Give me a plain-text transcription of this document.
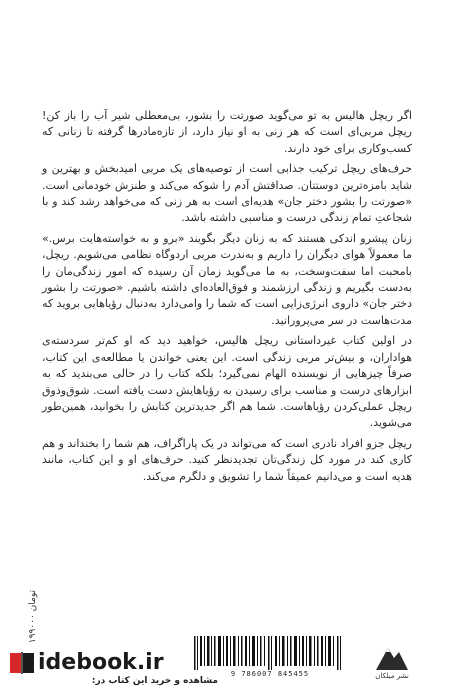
اگر ریچل هالیس به تو می‌گوید صورتت را بشور، بی‌معطلی شیر آب را باز کن! ریچل مربی‌ای است که هر زنی به او نیاز دارد، از تازه‌مادرها گرفته تا زنانی که کسب‌وکاری برای خود دارند.

حرف‌های ریچل ترکیب جذابی است از توصیه‌های یک مربی امیدبخش و بهترین و شاید بامزه‌ترین دوستتان. صداقتش آدم را شوکه می‌کند و طنزش خودمانی است. «صورتت را بشور دختر جان» هدیه‌ای است به هر زنی که می‌خواهد رشد کند و با شجاعتِ تمام زندگی درست و مناسبی داشته باشد.

زنان پیشرو اندکی هستند که به زنان دیگر بگویند «برو و به خواسته‌هایت برس.» ما معمولاً هوای دیگران را داریم و به‌ندرت مربی اردوگاه نظامی می‌شویم. ریچل، بامحبت اما سفت‌وسخت، به ما می‌گوید زمان آن رسیده که امور زندگی‌مان را به‌دست بگیریم و زندگی ارزشمند و فوق‌العاده‌ای داشته باشیم. «صورتت را بشور دختر جان» داروی انرژی‌زایی است که شما را وامی‌دارد به‌دنبال رؤیاهایی بروید که مدت‌هاست در سر می‌پرورانید.

در اولین کتاب غیرداستانی ریچل هالیس، خواهید دید که او کم‌تر سردسته‌ی هواداران، و بیش‌تر مربی زندگی است. این یعنی خواندن یا مطالعه‌ی این کتاب، صرفاً چیزهایی از نویسنده الهام نمی‌گیرد؛ بلکه کتاب را در حالی می‌بندید که به ابزارهای درست و مناسب برای رسیدن به رؤیاهایش دست یافته است. شوق‌وذوق ریچل عملی‌کردن رؤیاهاست. شما هم اگر جدیدترین کتابش را بخوانید، همین‌طور می‌شوید.

ریچل جزو افراد نادری است که می‌تواند در یک پاراگراف، هم شما را بخنداند و هم کاری کند در مورد کل زندگی‌تان تجدیدنظر کنید. حرف‌های او و این کتاب، مانند هدیه است و می‌دانیم عمیقاً شما را تشویق و دلگرم می‌کند.

۱۹۹۰۰۰ تومان
9 786007 845455	نشر میلکان
idebook.ir
مشاهده و خرید این کتاب در:
